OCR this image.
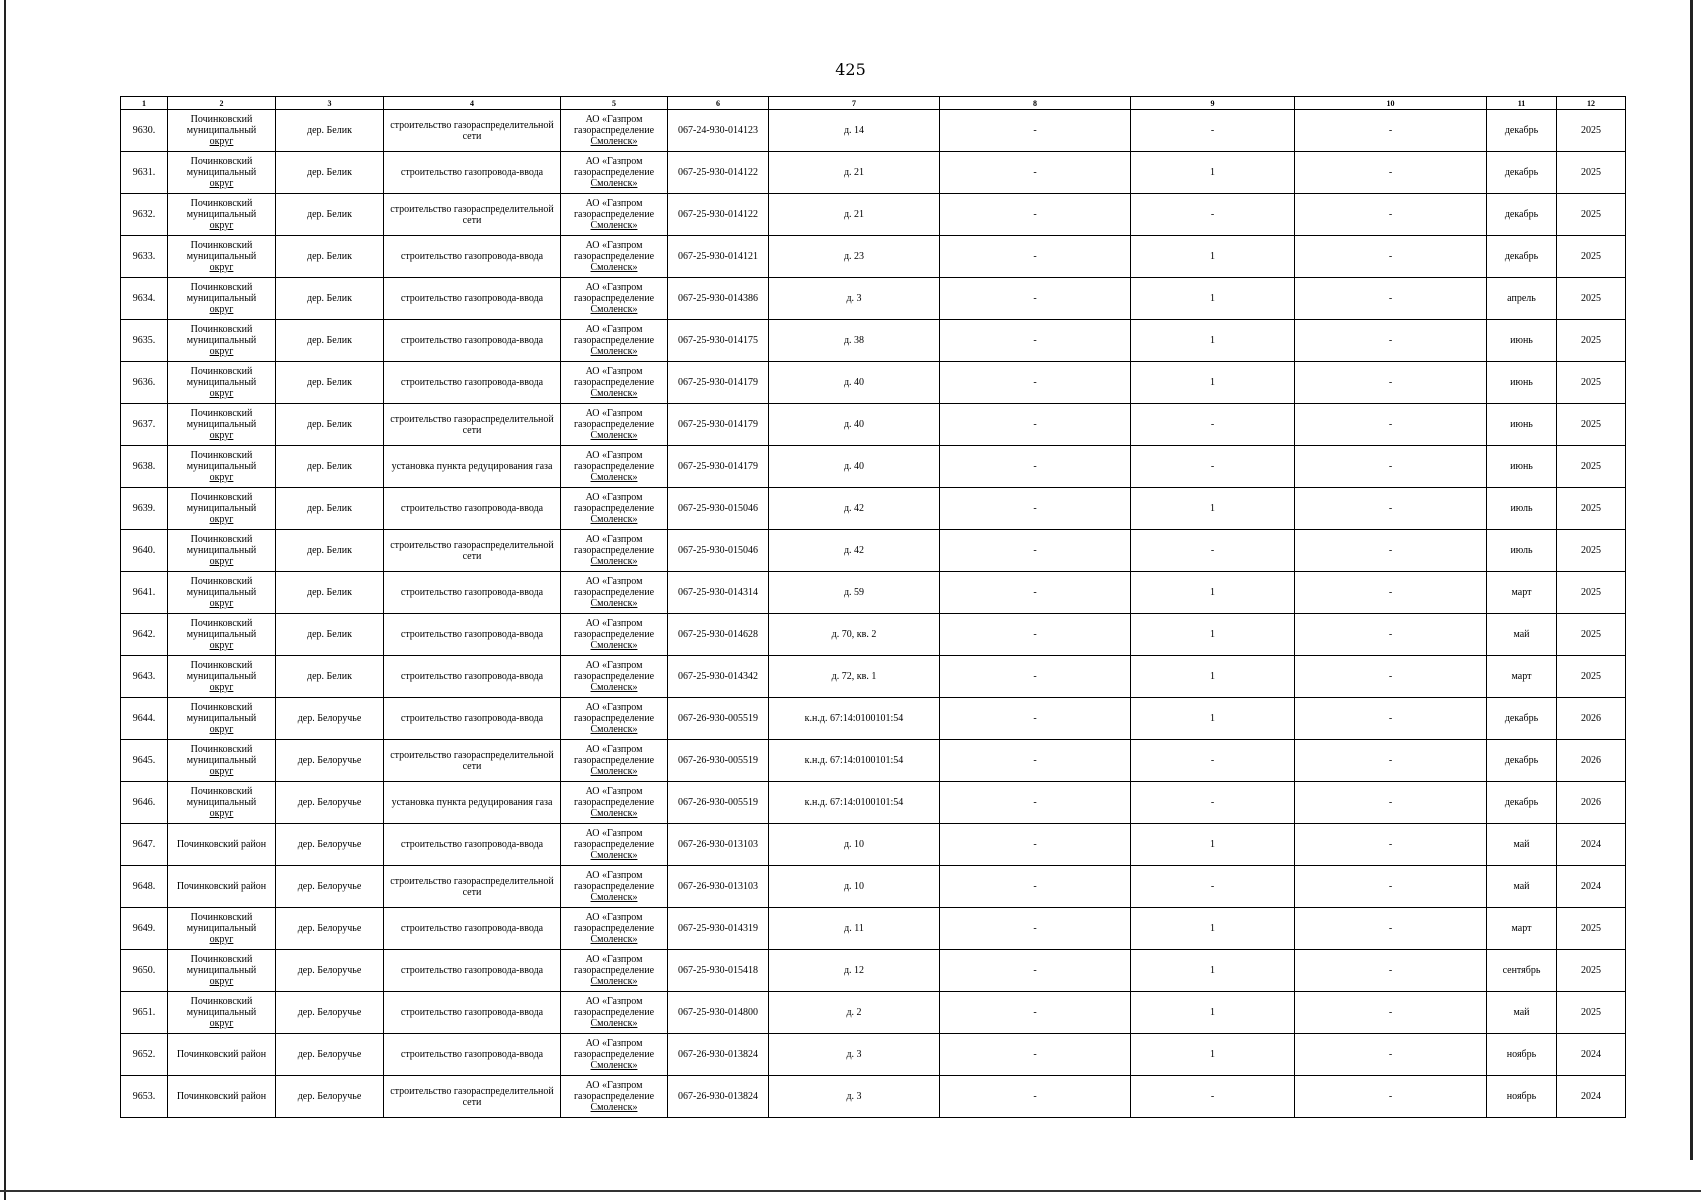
425
1	2	3	4	5	6	7	8	9	10	11	12
9630.	Починковский
муниципальный
округ	дер. Белик	строительство газораспределительной сети	АО «Газпром
газораспределение
Смоленск»	067-24-930-014123	д. 14	-	-	-	декабрь	2025
9631.	Починковский
муниципальный
округ	дер. Белик	строительство газопровода-ввода	АО «Газпром
газораспределение
Смоленск»	067-25-930-014122	д. 21	-	1	-	декабрь	2025
9632.	Починковский
муниципальный
округ	дер. Белик	строительство газораспределительной сети	АО «Газпром
газораспределение
Смоленск»	067-25-930-014122	д. 21	-	-	-	декабрь	2025
9633.	Починковский
муниципальный
округ	дер. Белик	строительство газопровода-ввода	АО «Газпром
газораспределение
Смоленск»	067-25-930-014121	д. 23	-	1	-	декабрь	2025
9634.	Починковский
муниципальный
округ	дер. Белик	строительство газопровода-ввода	АО «Газпром
газораспределение
Смоленск»	067-25-930-014386	д. 3	-	1	-	апрель	2025
9635.	Починковский
муниципальный
округ	дер. Белик	строительство газопровода-ввода	АО «Газпром
газораспределение
Смоленск»	067-25-930-014175	д. 38	-	1	-	июнь	2025
9636.	Починковский
муниципальный
округ	дер. Белик	строительство газопровода-ввода	АО «Газпром
газораспределение
Смоленск»	067-25-930-014179	д. 40	-	1	-	июнь	2025
9637.	Починковский
муниципальный
округ	дер. Белик	строительство газораспределительной сети	АО «Газпром
газораспределение
Смоленск»	067-25-930-014179	д. 40	-	-	-	июнь	2025
9638.	Починковский
муниципальный
округ	дер. Белик	установка пункта редуцирования газа	АО «Газпром
газораспределение
Смоленск»	067-25-930-014179	д. 40	-	-	-	июнь	2025
9639.	Починковский
муниципальный
округ	дер. Белик	строительство газопровода-ввода	АО «Газпром
газораспределение
Смоленск»	067-25-930-015046	д. 42	-	1	-	июль	2025
9640.	Починковский
муниципальный
округ	дер. Белик	строительство газораспределительной сети	АО «Газпром
газораспределение
Смоленск»	067-25-930-015046	д. 42	-	-	-	июль	2025
9641.	Починковский
муниципальный
округ	дер. Белик	строительство газопровода-ввода	АО «Газпром
газораспределение
Смоленск»	067-25-930-014314	д. 59	-	1	-	март	2025
9642.	Починковский
муниципальный
округ	дер. Белик	строительство газопровода-ввода	АО «Газпром
газораспределение
Смоленск»	067-25-930-014628	д. 70, кв. 2	-	1	-	май	2025
9643.	Починковский
муниципальный
округ	дер. Белик	строительство газопровода-ввода	АО «Газпром
газораспределение
Смоленск»	067-25-930-014342	д. 72, кв. 1	-	1	-	март	2025
9644.	Починковский
муниципальный
округ	дер. Белоручье	строительство газопровода-ввода	АО «Газпром
газораспределение
Смоленск»	067-26-930-005519	к.н.д. 67:14:0100101:54	-	1	-	декабрь	2026
9645.	Починковский
муниципальный
округ	дер. Белоручье	строительство газораспределительной сети	АО «Газпром
газораспределение
Смоленск»	067-26-930-005519	к.н.д. 67:14:0100101:54	-	-	-	декабрь	2026
9646.	Починковский
муниципальный
округ	дер. Белоручье	установка пункта редуцирования газа	АО «Газпром
газораспределение
Смоленск»	067-26-930-005519	к.н.д. 67:14:0100101:54	-	-	-	декабрь	2026
9647.	Починковский район	дер. Белоручье	строительство газопровода-ввода	АО «Газпром
газораспределение
Смоленск»	067-26-930-013103	д. 10	-	1	-	май	2024
9648.	Починковский район	дер. Белоручье	строительство газораспределительной сети	АО «Газпром
газораспределение
Смоленск»	067-26-930-013103	д. 10	-	-	-	май	2024
9649.	Починковский
муниципальный
округ	дер. Белоручье	строительство газопровода-ввода	АО «Газпром
газораспределение
Смоленск»	067-25-930-014319	д. 11	-	1	-	март	2025
9650.	Починковский
муниципальный
округ	дер. Белоручье	строительство газопровода-ввода	АО «Газпром
газораспределение
Смоленск»	067-25-930-015418	д. 12	-	1	-	сентябрь	2025
9651.	Починковский
муниципальный
округ	дер. Белоручье	строительство газопровода-ввода	АО «Газпром
газораспределение
Смоленск»	067-25-930-014800	д. 2	-	1	-	май	2025
9652.	Починковский район	дер. Белоручье	строительство газопровода-ввода	АО «Газпром
газораспределение
Смоленск»	067-26-930-013824	д. 3	-	1	-	ноябрь	2024
9653.	Починковский район	дер. Белоручье	строительство газораспределительной сети	АО «Газпром
газораспределение
Смоленск»	067-26-930-013824	д. 3	-	-	-	ноябрь	2024
